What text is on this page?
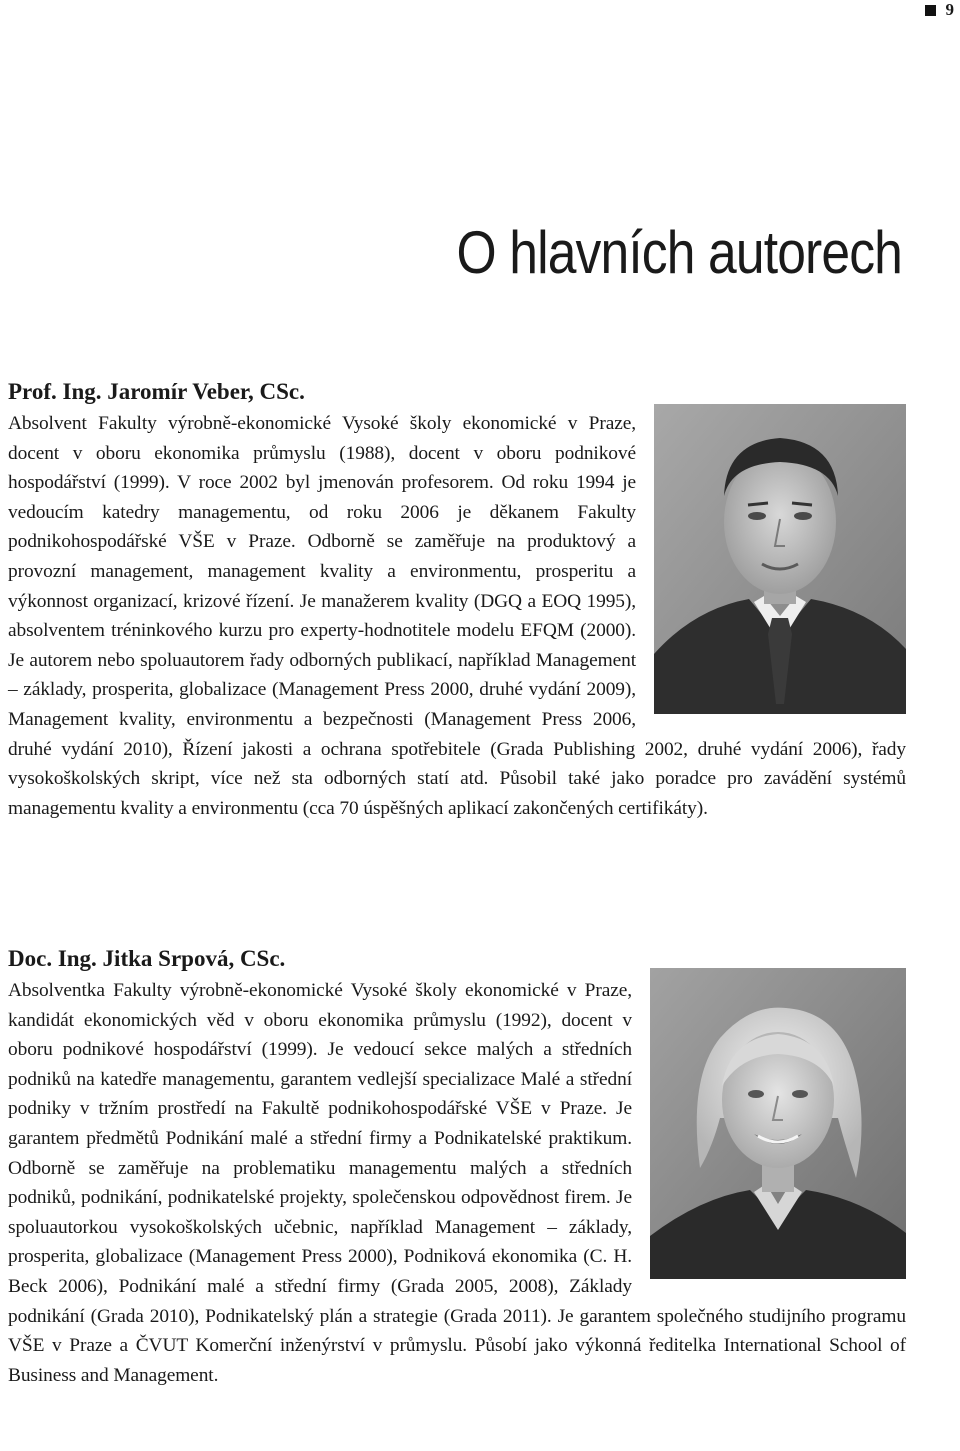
9
O hlavních autorech
Prof. Ing. Jaromír Veber, CSc.

Absolvent Fakulty výrobně-ekonomické Vysoké školy ekonomické v Praze, docent v oboru ekonomika průmyslu (1988), docent v oboru podnikové hospodářství (1999). V roce 2002 byl jmenován profesorem. Od roku 1994 je vedoucím katedry managementu, od roku 2006 je děkanem Fakulty podnikohospodářské VŠE v Praze. Odborně se zaměřuje na produktový a provozní management, management kvality a environmentu, prosperitu a výkonnost organizací, krizové řízení. Je manažerem kvality (DGQ a EOQ 1995), absolventem tréninkového kurzu pro experty-hodnotitele modelu EFQM (2000). Je autorem nebo spoluautorem řady odborných publikací, například Management – základy, prosperita, globalizace (Management Press 2000, druhé vydání 2009), Management kvality, environmentu a bezpečnosti (Management Press 2006, druhé vydání 2010), Řízení jakosti a ochrana spotřebitele (Grada Publishing 2002, druhé vydání 2006), řady vysokoškolských skript, více než sta odborných statí atd. Působil také jako poradce pro zavádění systémů managementu kvality a environmentu (cca 70 úspěšných aplikací zakončených certifikáty).

Doc. Ing. Jitka Srpová, CSc.

Absolventka Fakulty výrobně-ekonomické Vysoké školy ekonomické v Praze, kandidát ekonomických věd v oboru ekonomika průmyslu (1992), docent v oboru podnikové hospodářství (1999). Je vedoucí sekce malých a středních podniků na katedře managementu, garantem vedlejší specializace Malé a střední podniky v tržním prostředí na Fakultě podnikohospodářské VŠE v Praze. Je garantem předmětů Podnikání malé a střední firmy a Podnikatelské praktikum. Odborně se zaměřuje na problematiku managementu malých a středních podniků, podnikání, podnikatelské projekty, společenskou odpovědnost firem. Je spoluautorkou vysokoškolských učebnic, například Management – základy, prosperita, globalizace (Management Press 2000), Podniková ekonomika (C. H. Beck 2006), Podnikání malé a střední firmy (Grada 2005, 2008), Základy podnikání (Grada 2010), Podnikatelský plán a strategie (Grada 2011). Je garantem společného studijního programu VŠE v Praze a ČVUT Komerční inženýrství v průmyslu. Působí jako výkonná ředitelka International School of Business and Management.
